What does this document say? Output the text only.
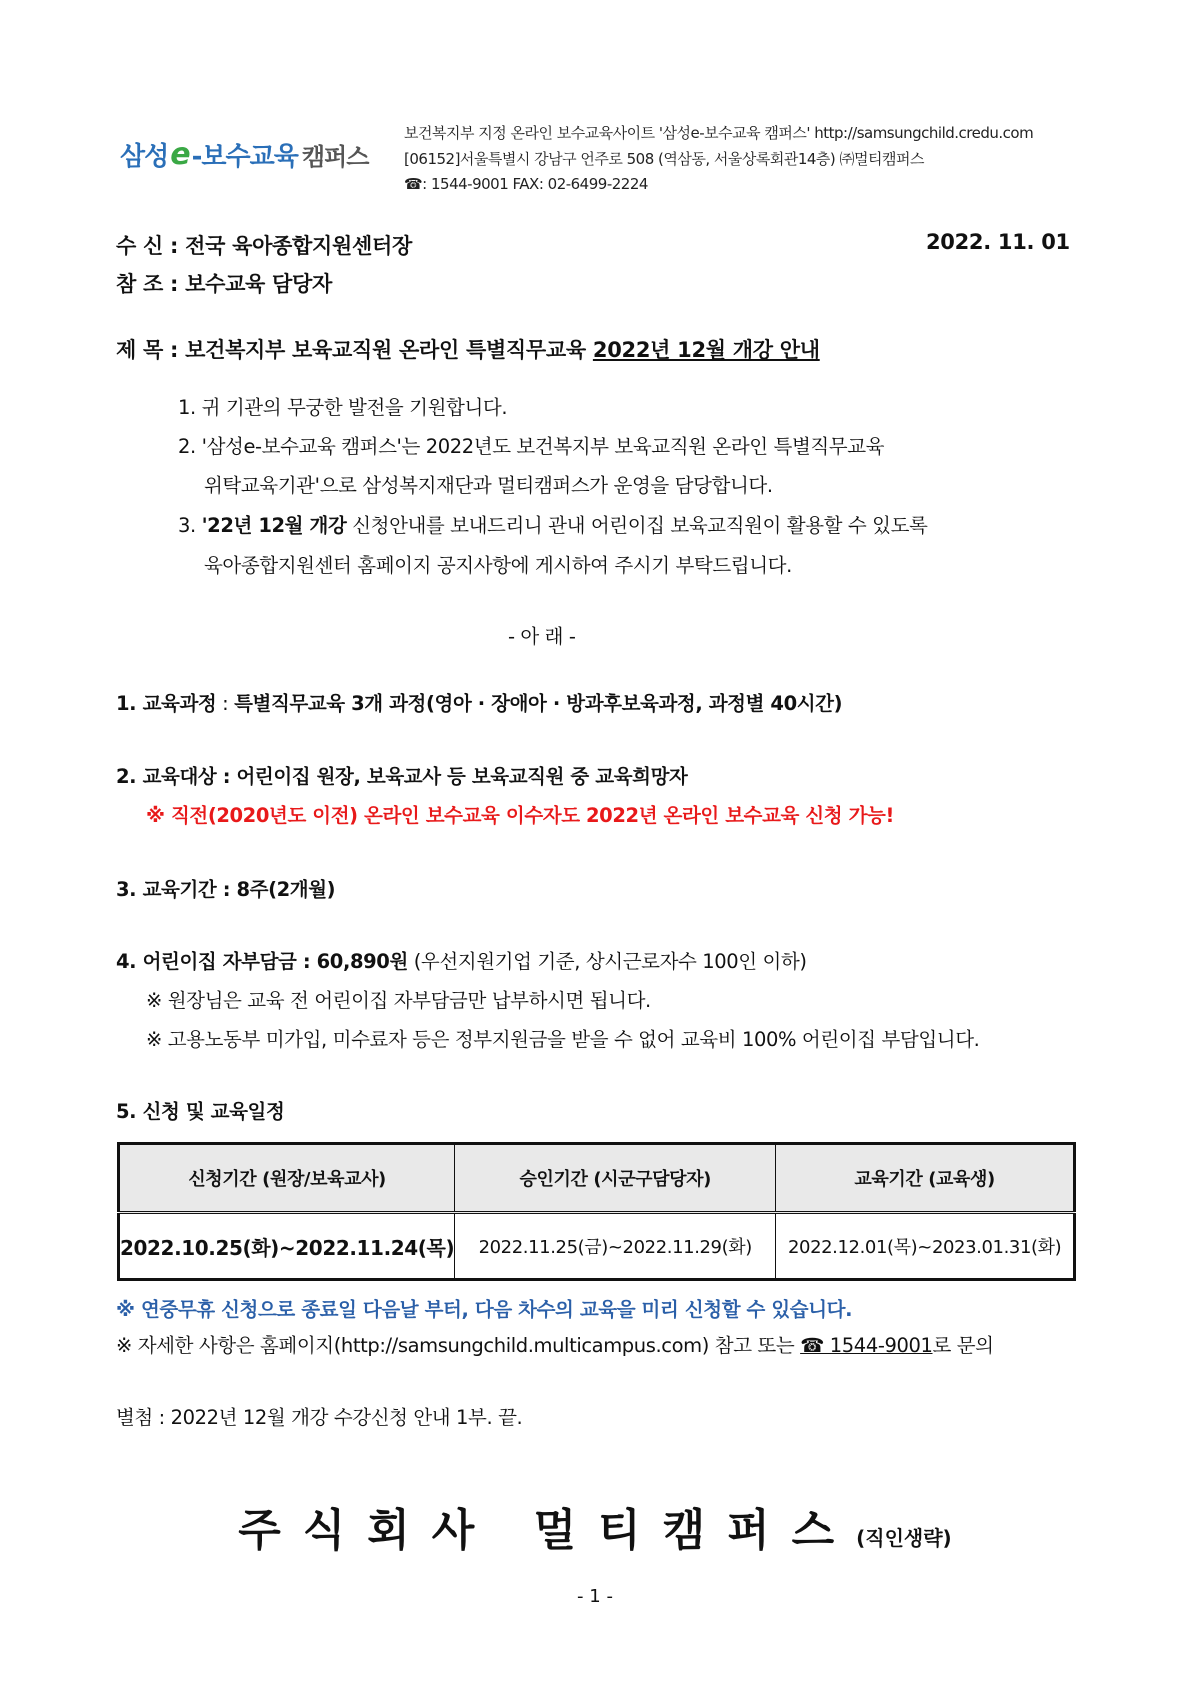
삼성 e -보수교육 캠퍼스
보건복지부 지정 온라인 보수교육사이트 '삼성e-보수교육 캠퍼스' http://samsungchild.credu.com
[06152]서울특별시 강남구 언주로 508 (역삼동, 서울상록회관14층) ㈜멀티캠퍼스
☎: 1544-9001 FAX: 02-6499-2224
수 신 : 전국 육아종합지원센터장	2022. 11. 01
참 조 : 보수교육 담당자
제 목 : 보건복지부 보육교직원 온라인 특별직무교육 2022년 12월 개강 안내
1. 귀 기관의 무궁한 발전을 기원합니다.
2. '삼성e-보수교육 캠퍼스'는 2022년도 보건복지부 보육교직원 온라인 특별직무교육
위탁교육기관'으로 삼성복지재단과 멀티캠퍼스가 운영을 담당합니다.
3. '22년 12월 개강 신청안내를 보내드리니 관내 어린이집 보육교직원이 활용할 수 있도록
육아종합지원센터 홈페이지 공지사항에 게시하여 주시기 부탁드립니다.
- 아 래 -
1. 교육과정 : 특별직무교육 3개 과정(영아 · 장애아 · 방과후보육과정, 과정별 40시간)
2. 교육대상 : 어린이집 원장, 보육교사 등 보육교직원 중 교육희망자
※ 직전(2020년도 이전) 온라인 보수교육 이수자도 2022년 온라인 보수교육 신청 가능!
3. 교육기간 : 8주(2개월)
4. 어린이집 자부담금 : 60,890원 (우선지원기업 기준, 상시근로자수 100인 이하)
※ 원장님은 교육 전 어린이집 자부담금만 납부하시면 됩니다.
※ 고용노동부 미가입, 미수료자 등은 정부지원금을 받을 수 없어 교육비 100% 어린이집 부담입니다.
5. 신청 및 교육일정
신청기간 (원장/보육교사)	승인기간 (시군구담당자)	교육기간 (교육생)
2022.10.25(화)~2022.11.24(목)	2022.11.25(금)~2022.11.29(화)	2022.12.01(목)~2023.01.31(화)
※ 연중무휴 신청으로 종료일 다음날 부터, 다음 차수의 교육을 미리 신청할 수 있습니다.
※ 자세한 사항은 홈페이지(http://samsungchild.multicampus.com) 참고 또는 ☎ 1544-9001로 문의
별첨 : 2022년 12월 개강 수강신청 안내 1부. 끝.
주식회사 멀티캠퍼스(직인생략)
- 1 -
